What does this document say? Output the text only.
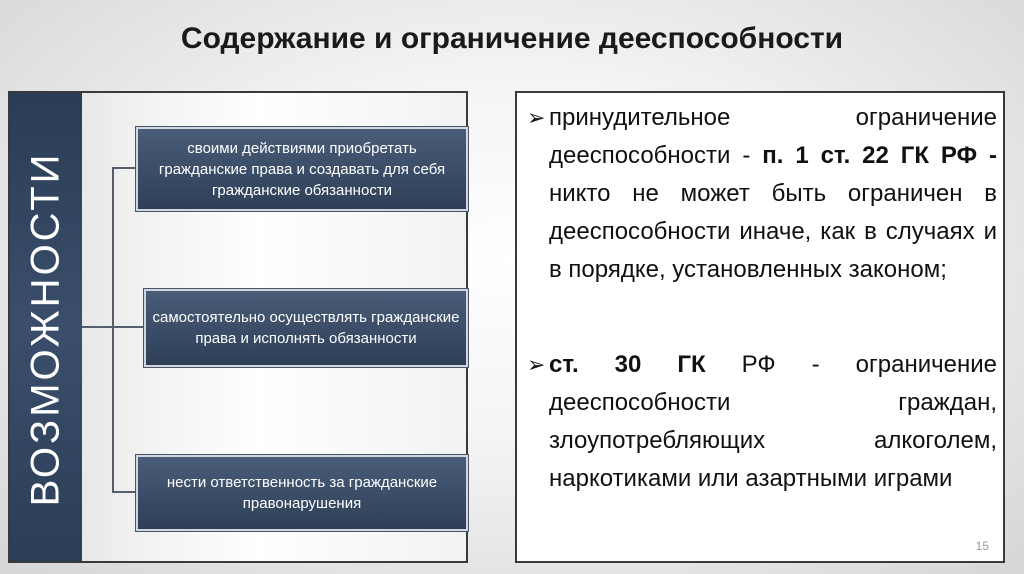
Содержание и ограничение дееспособности
ВОЗМОЖНОСТИ
своими действиями приобретать гражданские права и создавать для себя гражданские обязанности
самостоятельно осуществлять гражданские права и исполнять обязанности
нести ответственность за гражданские правонарушения
➢ принудительное ограничение дееспособности - п. 1 ст. 22 ГК РФ - никто не может быть ограничен в дееспособности иначе, как в случаях и в порядке, установленных законом;
➢ ст. 30 ГК РФ - ограничение дееспособности граждан, злоупотребляющих алкоголем, наркотиками или азартными играми
15
